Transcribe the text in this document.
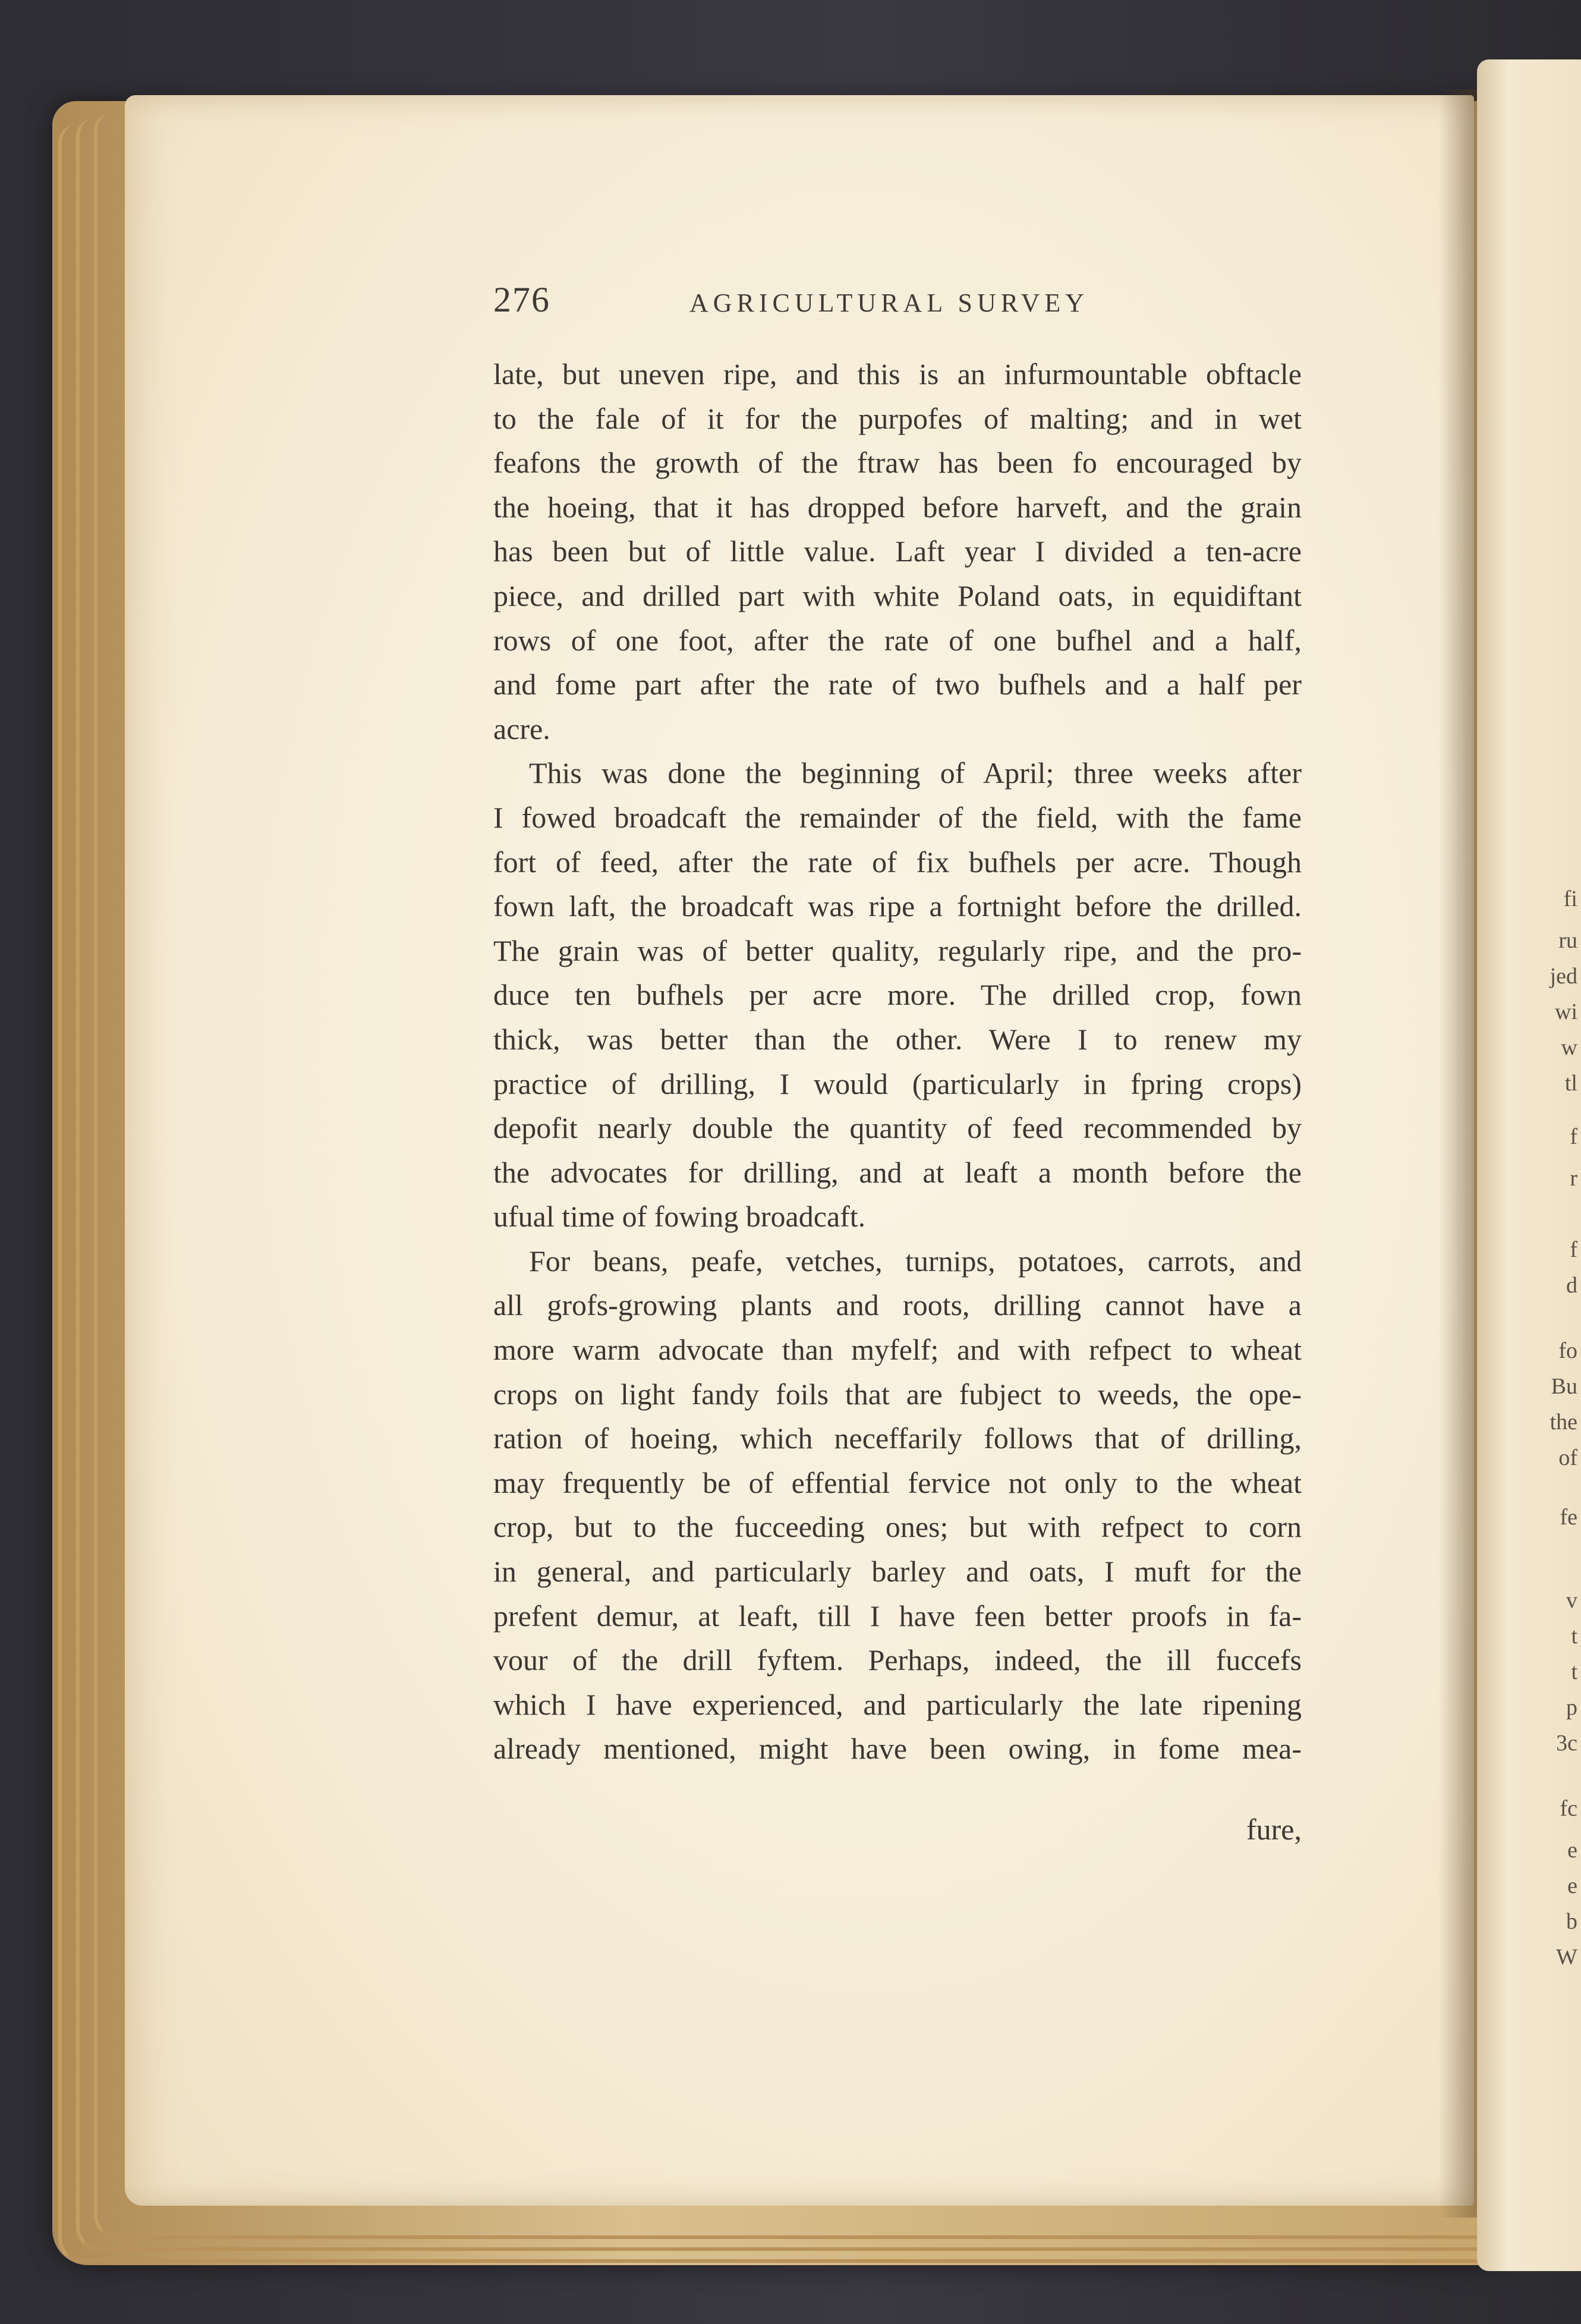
fi
ru
jed
wi
w
tl
f
r
f
d
fo
Bu
the
of
fe
v
t
t
p
3c
fc
e
e
b
W
276	AGRICULTURAL SURVEY
late, but uneven ripe, and this is an infurmountable obftacle
to the fale of it for the purpofes of malting; and in wet
feafons the growth of the ftraw has been fo encouraged by
the hoeing, that it has dropped before harveft, and the grain
has been but of little value. Laft year I divided a ten-acre
piece, and drilled part with white Poland oats, in equidiftant
rows of one foot, after the rate of one bufhel and a half,
and fome part after the rate of two bufhels and a half per
acre.
This was done the beginning of April; three weeks after
I fowed broadcaft the remainder of the field, with the fame
fort of feed, after the rate of fix bufhels per acre. Though
fown laft, the broadcaft was ripe a fortnight before the drilled.
The grain was of better quality, regularly ripe, and the pro-
duce ten bufhels per acre more. The drilled crop, fown
thick, was better than the other. Were I to renew my
practice of drilling, I would (particularly in fpring crops)
depofit nearly double the quantity of feed recommended by
the advocates for drilling, and at leaft a month before the
ufual time of fowing broadcaft.
For beans, peafe, vetches, turnips, potatoes, carrots, and
all grofs-growing plants and roots, drilling cannot have a
more warm advocate than myfelf; and with refpect to wheat
crops on light fandy foils that are fubject to weeds, the ope-
ration of hoeing, which neceffarily follows that of drilling,
may frequently be of effential fervice not only to the wheat
crop, but to the fucceeding ones; but with refpect to corn
in general, and particularly barley and oats, I muft for the
prefent demur, at leaft, till I have feen better proofs in fa-
vour of the drill fyftem. Perhaps, indeed, the ill fuccefs
which I have experienced, and particularly the late ripening
already mentioned, might have been owing, in fome mea-
fure,
